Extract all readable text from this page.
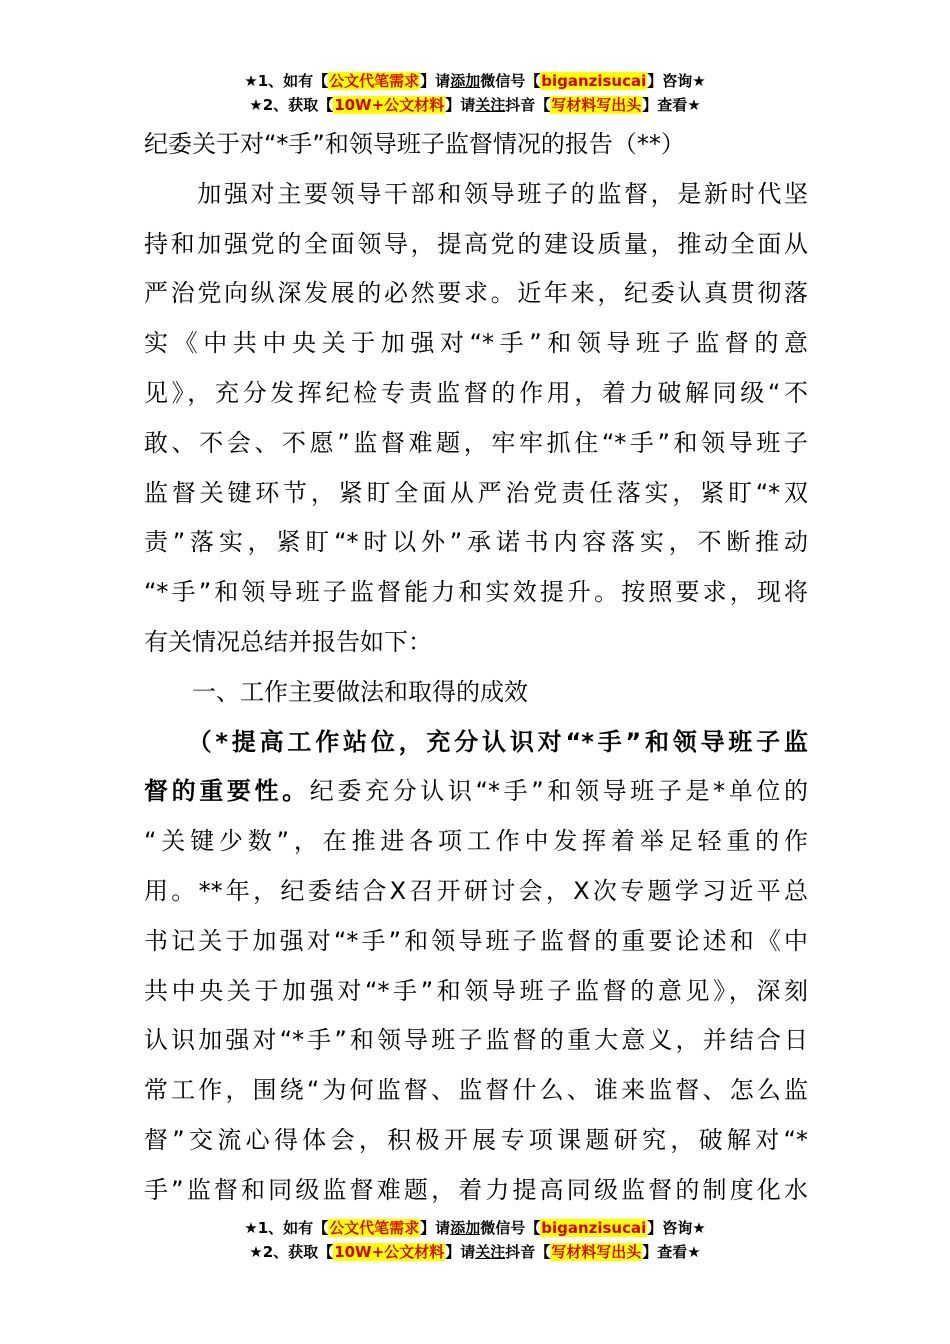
★1、如有【公文代笔需求】请添加微信号【biganzisucai】咨询★
★2、获取【10W+公文材料】请关注抖音【写材料写出头】查看★
纪委关于对“*手”和领导班子监督情况的报告（**）
　　加强对主要领导干部和领导班子的监督，是新时代坚
持和加强党的全面领导，提高党的建设质量，推动全面从
严治党向纵深发展的必然要求。近年来，纪委认真贯彻落
实《中共中央关于加强对“*手”和领导班子监督的意
见》，充分发挥纪检专责监督的作用，着力破解同级“不
敢、不会、不愿”监督难题，牢牢抓住“*手”和领导班子
监督关键环节，紧盯全面从严治党责任落实，紧盯“*双
责”落实，紧盯“*时以外”承诺书内容落实，不断推动
“*手”和领导班子监督能力和实效提升。按照要求，现将
有关情况总结并报告如下：
　　一、工作主要做法和取得的成效
　　（*提高工作站位，充分认识对“*手”和领导班子监
督的重要性。纪委充分认识“*手”和领导班子是*单位的
“关键少数”，在推进各项工作中发挥着举足轻重的作
用。**年，纪委结合X召开研讨会，X次专题学习近平总
书记关于加强对“*手”和领导班子监督的重要论述和《中
共中央关于加强对“*手”和领导班子监督的意见》，深刻
认识加强对“*手”和领导班子监督的重大意义，并结合日
常工作，围绕“为何监督、监督什么、谁来监督、怎么监
督”交流心得体会，积极开展专项课题研究，破解对“*
手”监督和同级监督难题，着力提高同级监督的制度化水
★1、如有【公文代笔需求】请添加微信号【biganzisucai】咨询★
★2、获取【10W+公文材料】请关注抖音【写材料写出头】查看★
